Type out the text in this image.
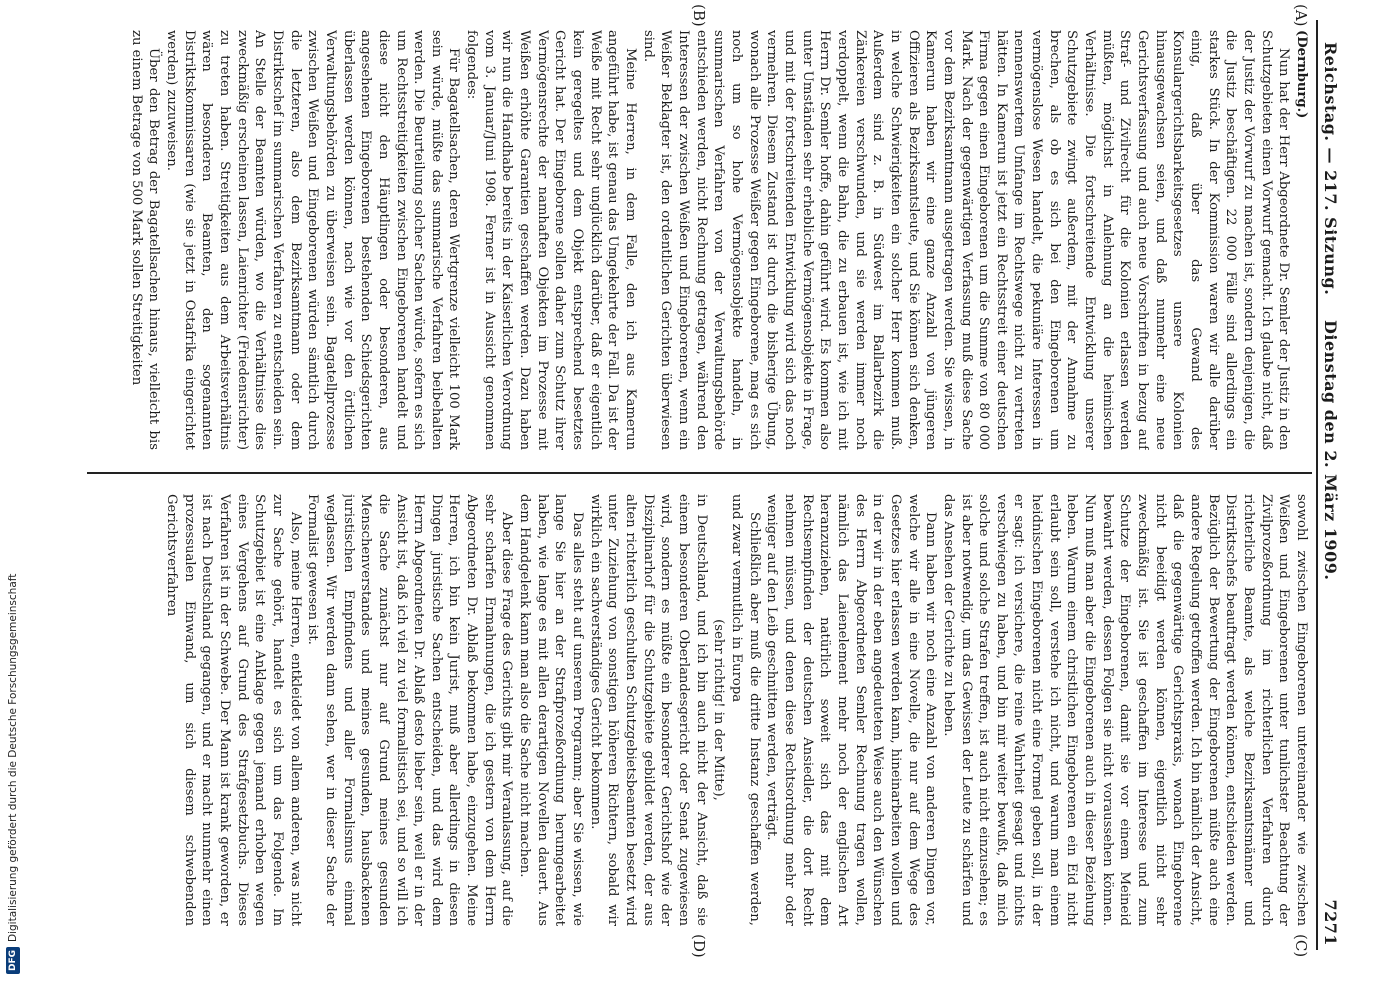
Reichstag. — 217. Sitzung.
Dienstag den 2. März 1909.
7271
(A)
(B)
(C)
(D)

(Dernburg.)

Nun hat der Herr Abgeordnete Dr. Semler der Justiz in den Schutzgebieten einen Vorwurf gemacht. Ich glaube nicht, daß der Justiz der Vorwurf zu machen ist, sondern denjenigen, die die Justiz beschäftigen. 22 000 Fälle sind allerdings ein starkes Stück. In der Kommission waren wir alle darüber einig, daß über das Gewand des Konsulargerichtsbarkeitsgesetzes unsere Kolonien hinausgewachsen seien, und daß nunmehr eine neue Gerichtsverfassung und auch neue Vorschriften in bezug auf Straf- und Zivilrecht für die Kolonien erlassen werden müßten, möglichst in Anlehnung an die heimischen Verhältnisse. Die fortschreitende Entwicklung unserer Schutzgebiete zwingt außerdem, mit der Annahme zu brechen, als ob es sich bei den Eingeborenen um vermögenslose Wesen handelt, die pekuniäre Interessen in nennenswertem Umfange im Rechtswege nicht zu vertreten hätten. In Kamerun ist jetzt ein Rechtsstreit einer deutschen Firma gegen einen Eingeborenen um die Summe von 80 000 Mark. Nach der gegenwärtigen Verfassung muß diese Sache vor dem Bezirksamtmann ausgetragen werden. Sie wissen, in Kamerun haben wir eine ganze Anzahl von jüngeren Offizieren als Bezirksamtsleute, und Sie können sich denken, in welche Schwierigkeiten ein solcher Herr kommen muß. Außerdem sind z. B. in Südwest im Ballarbezirk die Zänkereien verschwunden, und sie werden immer noch verdoppelt, wenn die Bahn, die zu erbauen ist, wie ich mit Herrn Dr. Semler hoffe, dahin geführt wird. Es kommen also unter Umständen sehr erhebliche Vermögensobjekte in Frage, und mit der fortschreitenden Entwicklung wird sich das noch vermehren. Diesem Zustand ist durch die bisherige Übung, wonach alle Prozesse Weißer gegen Eingeborene, mag es sich noch um so hohe Vermögensobjekte handeln, in summarischen Verfahren von der Verwaltungsbehörde entschieden werden, nicht Rechnung getragen, während den Interessen der zwischen Weißen und Eingeborenen, wenn ein Weißer Beklagter ist, den ordentlichen Gerichten überwiesen sind.

Meine Herren, in dem Falle, den ich aus Kamerun angeführt habe, ist genau das Umgekehrte der Fall. Da ist der Weiße mit Recht sehr unglücklich darüber, daß er eigentlich kein geregeltes und dem Objekt entsprechend besetztes Gericht hat. Der Eingeborene sollen daher zum Schutz ihrer Vermögensrechte der namhaften Objekten im Prozesse mit Weißen erhöhte Garantien geschaffen werden. Dazu haben wir nun die Handhabe bereits in der Kaiserlichen Verordnung vom 3. Januar/Juni 1908. Ferner ist in Aussicht genommen folgendes:

Für Bagatellsachen, deren Wertgrenze vielleicht 100 Mark sein würde, müßte das summarische Verfahren beibehalten werden. Die Beurteilung solcher Sachen würde, sofern es sich um Rechtsstreitigkeiten zwischen Eingeborenen handelt und diese nicht den Häuptlingen oder besonderen, aus angesehenen Eingeborenen bestehenden Schiedsgerichten überlassen werden können, nach wie vor den örtlichen Verwaltungsbehörden zu überweisen sein. Bagatellprozesse zwischen Weißen und Eingeborenen würden sämtlich durch die letzteren, also dem Bezirksamtmann oder dem Distriktschef im summarischen Verfahren zu entscheiden sein. An Stelle der Beamten würden, wo die Verhältnisse dies zweckmäßig erscheinen lassen, Laienrichter (Friedensrichter) zu treten haben. Streitigkeiten aus dem Arbeitsverhältnis wären besonderen Beamten, den sogenannten Distriktskommissaren (wie sie jetzt in Ostafrika eingerichtet werden) zuzuweisen.

Über den Betrag der Bagatellsachen hinaus, vielleicht bis zu einem Betrage von 500 Mark sollen Streitigkeiten

sowohl zwischen Eingeborenen untereinander wie zwischen Weißen und Eingeborenen unter tunlichster Beachtung der Zivilprozeßordnung im richterlichen Verfahren durch richterliche Beamte, als welche Bezirksamtsmänner und Distriktschefs beauftragt werden können, entschieden werden. Bezüglich der Bewertung der Eingeborenen müßte auch eine andere Regelung getroffen werden. Ich bin nämlich der Ansicht, daß die gegenwärtige Gerichtspraxis, wonach Eingeborene nicht beeidigt werden können, eigentlich nicht sehr zweckmäßig ist. Sie ist geschaffen im Interesse und zum Schutze der Eingeborenen, damit sie vor einem Meineid bewahrt werden, dessen Folgen sie nicht voraussehen können. Nun muß man aber die Eingeborenen auch in dieser Beziehung heben. Warum einem christlichen Eingeborenen ein Eid nicht erlaubt sein soll, verstehe ich nicht, und warum man einem heidnischen Eingeborenen nicht eine Formel geben soll, in der er sagt: ich versichere, die reine Wahrheit gesagt und nichts verschwiegen zu haben, und bin mir weiter bewußt, daß mich solche und solche Strafen treffen, ist auch nicht einzusehen; es ist aber notwendig, um das Gewissen der Leute zu schärfen und das Ansehen der Gerichte zu heben.

Dann haben wir noch eine Anzahl von anderen Dingen vor, welche wir alle in eine Novelle, die nur auf dem Wege des Gesetzes hier erlassen werden kann, hineinarbeiten wollen und in der wir in der eben angedeuteten Weise auch den Wünschen des Herrn Abgeordneten Semler Rechnung tragen wollen, nämlich das Laienelement mehr noch der englischen Art heranzuziehen, natürlich soweit sich das mit dem Rechtsempfinden der deutschen Ansiedler, die dort Recht nehmen müssen, und denen diese Rechtsordnung mehr oder weniger auf den Leib geschnitten werden, verträgt.

Schließlich aber muß die dritte Instanz geschaffen werden, und zwar vermutlich in Europa

(sehr richtig! in der Mitte),

in Deutschland, und ich bin auch nicht der Ansicht, daß sie einem besonderen Oberlandesgericht oder Senat zugewiesen wird, sondern es müßte ein besonderer Gerichtshof wie der Disziplinarhof für die Schutzgebiete gebildet werden, der aus alten richterlich geschulten Schutzgebietsbeamten besetzt wird unter Zuziehung von sonstigen höheren Richtern, sobald wir wirklich ein sachverständiges Gericht bekommen.

Das alles steht auf unserem Programm; aber Sie wissen, wie lange Sie hier an der Strafprozeßordnung herumgearbeitet haben, wie lange es mit allen derartigen Novellen dauert. Aus dem Handgelenk kann man also die Sache nicht machen.

Aber diese Frage des Gerichts gibt mir Veranlassung, auf die sehr scharfen Ermahnungen, die ich gestern von dem Herrn Abgeordneten Dr. Ablaß bekommen habe, einzugehen. Meine Herren, ich bin kein Jurist, muß aber allerdings in diesen Dingen juristische Sachen entscheiden, und das wird dem Herrn Abgeordneten Dr. Ablaß desto lieber sein, weil er in der Ansicht ist, daß ich viel zu viel formalistisch sei, und so will ich die Sache zunächst nur auf Grund meines gesunden Menschenverstandes und meines gesunden, hausbackenen juristischen Empfindens und aller Formalismus einmal weglassen. Wir werden dann sehen, wer in dieser Sache der Formalist gewesen ist.

Also, meine Herren, entkleidet von allem anderen, was nicht zur Sache gehört, handelt es sich um das Folgende. Im Schutzgebiet ist eine Anklage gegen jemand erhoben wegen eines Vergehens auf Grund des Strafgesetzbuchs. Dieses Verfahren ist in der Schwebe. Der Mann ist krank geworden, er ist nach Deutschland gegangen, und er macht nunmehr einen prozessualen Einwand, um sich diesem schwebenden Gerichtsverfahren

DFGDigitalisierung gefördert durch die Deutsche Forschungsgemeinschaft
